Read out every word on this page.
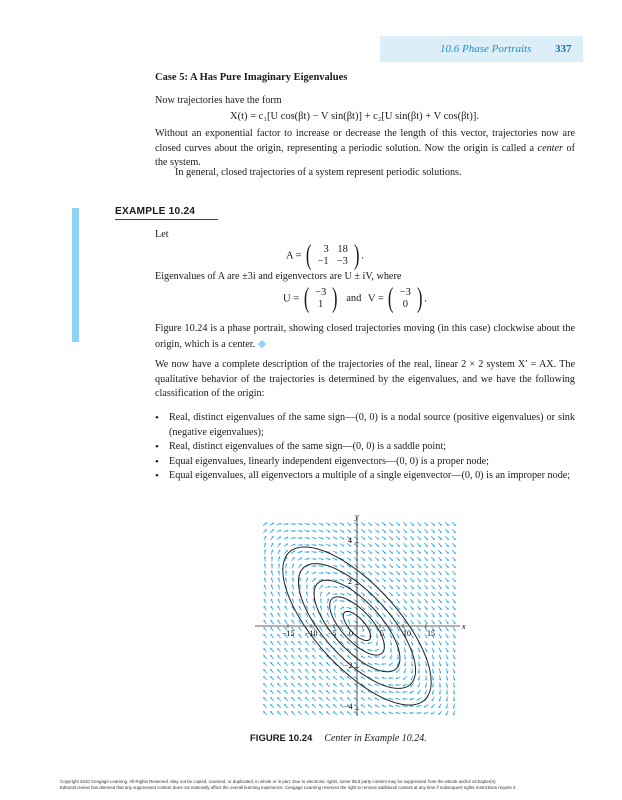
10.6 Phase Portraits 337
Case 5: A Has Pure Imaginary Eigenvalues
Now trajectories have the form
X(t) = c₁[U cos(βt) − V sin(βt)] + c₂[U sin(βt) + V cos(βt)].
Without an exponential factor to increase or decrease the length of this vector, trajectories now are closed curves about the origin, representing a periodic solution. Now the origin is called a center of the system.
In general, closed trajectories of a system represent periodic solutions.
EXAMPLE 10.24
Let
A = ( 3	18
−1	−3 ) .
Eigenvalues of A are ±3i and eigenvectors are U ± iV, where
U = ( −3
1 ) and V = ( −3
0 ) .
Figure 10.24 is a phase portrait, showing closed trajectories moving (in this case) clockwise about the origin, which is a center. ◆
We now have a complete description of the trajectories of the real, linear 2 × 2 system X′ = AX. The qualitative behavior of the trajectories is determined by the eigenvalues, and we have the following classification of the origin:
• Real, distinct eigenvalues of the same sign—(0, 0) is a nodal source (positive eigenvalues) or sink (negative eigenvalues);
• Real, distinct eigenvalues of the same sign—(0, 0) is a saddle point;
• Equal eigenvalues, linearly independent eigenvectors—(0, 0) is a proper node;
• Equal eigenvalues, all eigenvectors a multiple of a single eigenvector—(0, 0) is an improper node;
x
y
−15 −10 −5 0	5 10 15
4
2
−2
−4
FIGURE 10.24 Center in Example 10.24.
Copyright 2010 Cengage Learning. All Rights Reserved. May not be copied, scanned, or duplicated, in whole or in part. Due to electronic rights, some third party content may be suppressed from the eBook and/or eChapter(s).
Editorial review has deemed that any suppressed content does not materially affect the overall learning experience. Cengage Learning reserves the right to remove additional content at any time if subsequent rights restrictions require it.
